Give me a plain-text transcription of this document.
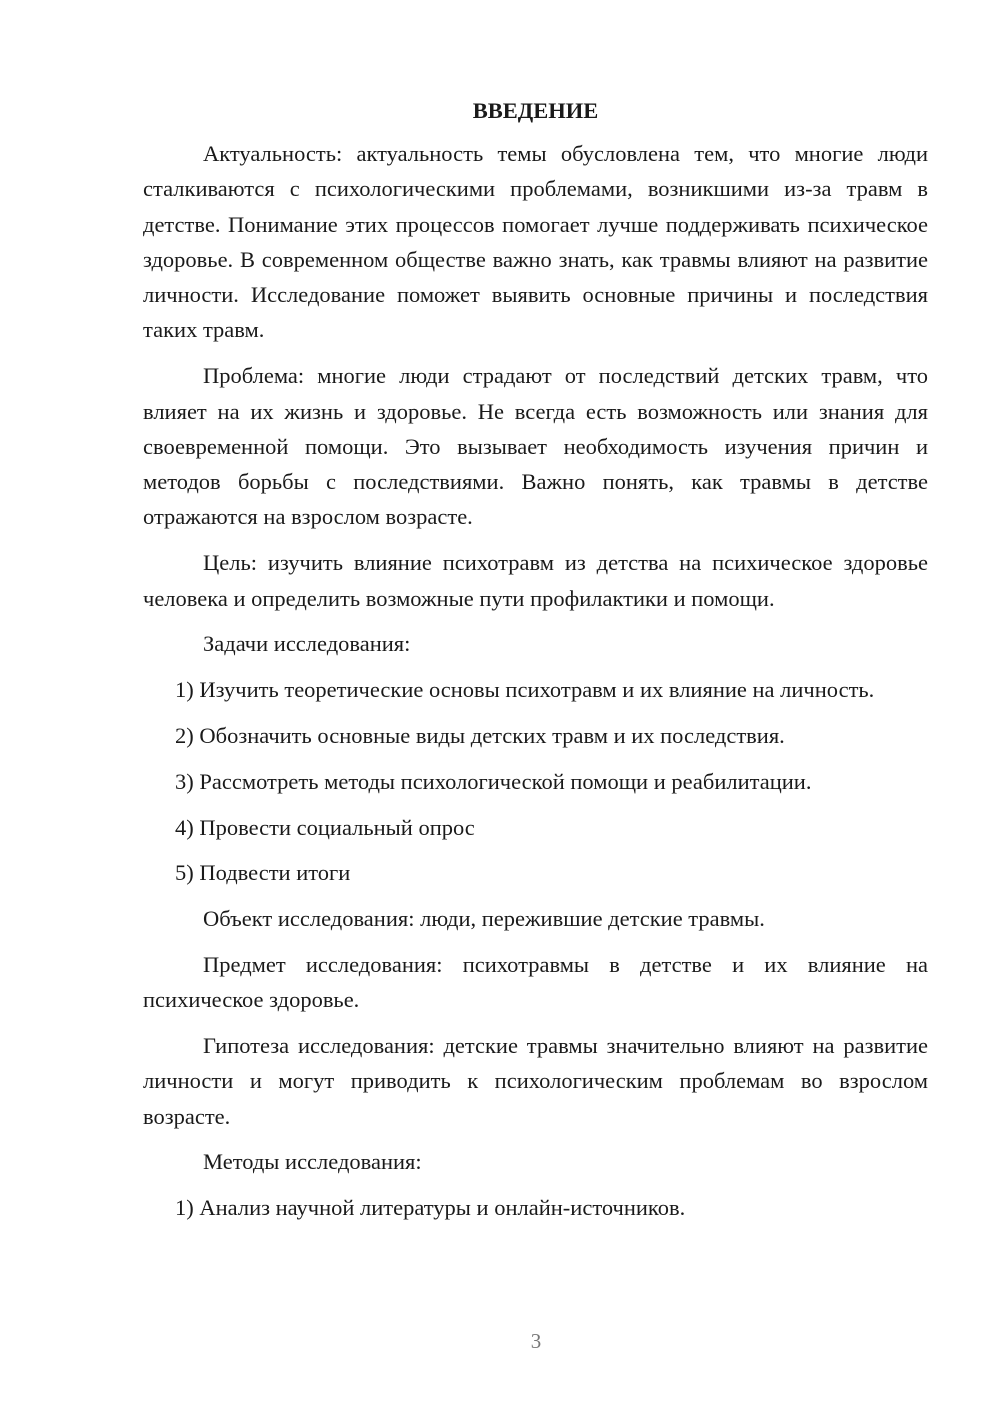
ВВЕДЕНИЕ

Актуальность: актуальность темы обусловлена тем, что многие люди сталкиваются с психологическими проблемами, возникшими из-за травм в детстве. Понимание этих процессов помогает лучше поддерживать психическое здоровье. В современном обществе важно знать, как травмы влияют на развитие личности. Исследование поможет выявить основные причины и последствия таких травм.

Проблема: многие люди страдают от последствий детских травм, что влияет на их жизнь и здоровье. Не всегда есть возможность или знания для своевременной помощи. Это вызывает необходимость изучения причин и методов борьбы с последствиями. Важно понять, как травмы в детстве отражаются на взрослом возрасте.

Цель: изучить влияние психотравм из детства на психическое здоровье человека и определить возможные пути профилактики и помощи.

Задачи исследования:

1) Изучить теоретические основы психотравм и их влияние на личность.

2) Обозначить основные виды детских травм и их последствия.

3) Рассмотреть методы психологической помощи и реабилитации.

4) Провести социальный опрос

5) Подвести итоги

Объект исследования: люди, пережившие детские травмы.

Предмет исследования: психотравмы в детстве и их влияние на психическое здоровье.

Гипотеза исследования: детские травмы значительно влияют на развитие личности и могут приводить к психологическим проблемам во взрослом возрасте.

Методы исследования:

1) Анализ научной литературы и онлайн-источников.

3
